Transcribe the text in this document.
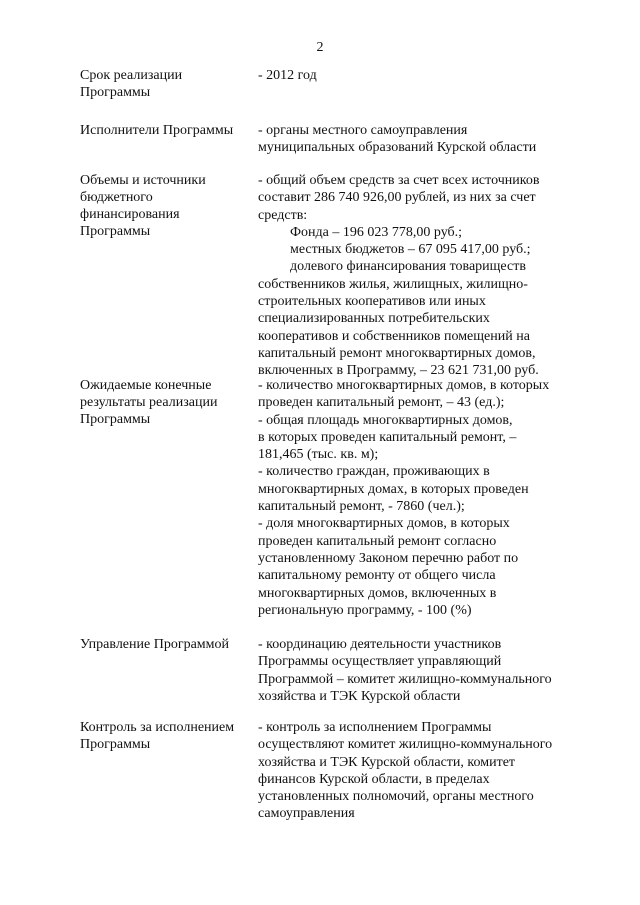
2
Срок реализации
Программы
- 2012 год
Исполнители Программы	- органы местного самоуправления
муниципальных образований Курской области
Объемы и источники
бюджетного
финансирования
Программы
- общий объем средств за счет всех источников
составит 286 740 926,00 рублей, из них за счет
средств:
Фонда – 196 023 778,00 руб.;
местных бюджетов – 67 095 417,00 руб.;
долевого финансирования товариществ
собственников жилья, жилищных, жилищно-
строительных кооперативов или иных
специализированных потребительских
кооперативов и собственников помещений на
капитальный ремонт многоквартирных домов,
включенных в Программу, – 23 621 731,00 руб.
Ожидаемые конечные
результаты реализации
Программы
- количество многоквартирных домов, в которых
проведен капитальный ремонт, – 43 (ед.);
- общая площадь многоквартирных домов,
в которых проведен капитальный ремонт, –
181,465 (тыс. кв. м);
- количество граждан, проживающих в
многоквартирных домах, в которых проведен
капитальный ремонт, - 7860 (чел.);
- доля многоквартирных домов, в которых
проведен капитальный ремонт согласно
установленному Законом перечню работ по
капитальному ремонту от общего числа
многоквартирных домов, включенных в
региональную программу, - 100 (%)
Управление Программой	- координацию деятельности участников
Программы осуществляет управляющий
Программой – комитет жилищно-коммунального
хозяйства и ТЭК Курской области
Контроль за исполнением
Программы
- контроль за исполнением Программы
осуществляют комитет жилищно-коммунального
хозяйства и ТЭК Курской области, комитет
финансов Курской области, в пределах
установленных полномочий, органы местного
самоуправления
